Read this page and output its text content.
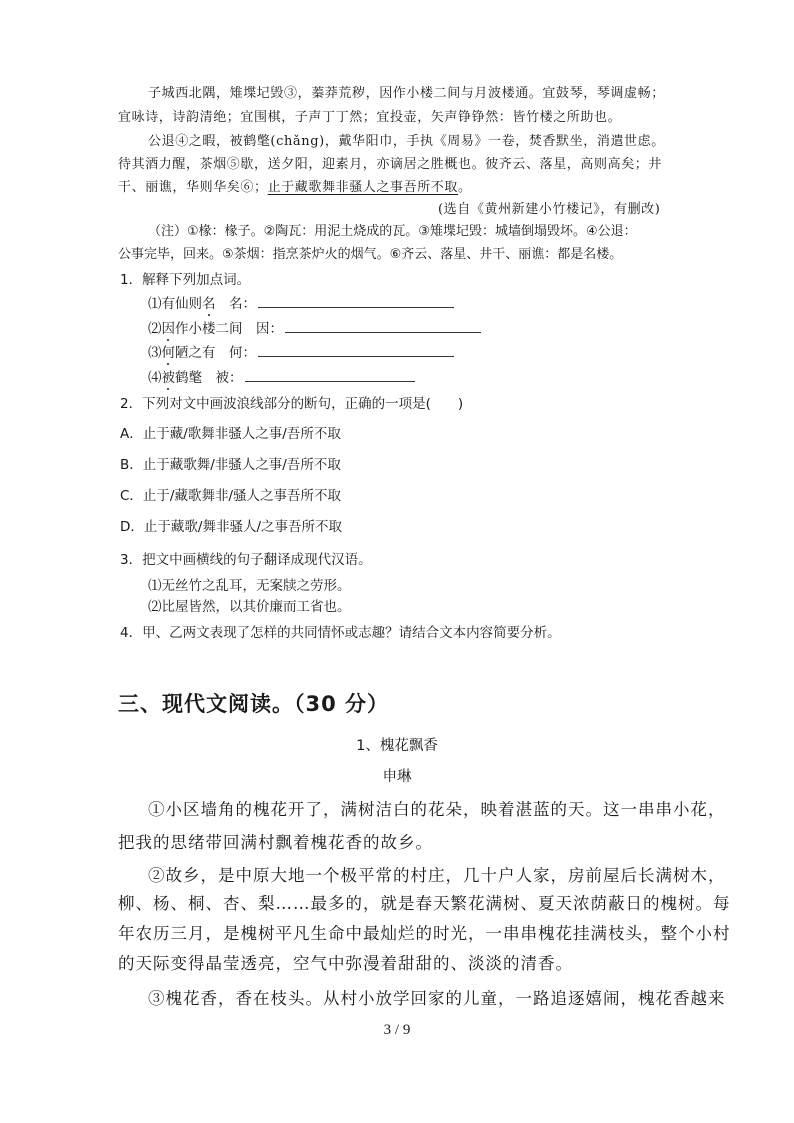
子城西北隅，雉堞圮毁③，蓁莽荒秽，因作小楼二间与月波楼通。宜鼓琴，琴调虚畅；
宜咏诗，诗韵清绝；宜围棋，子声丁丁然；宜投壶，矢声铮铮然：皆竹楼之所助也。
公退④之暇，被鹤氅(chǎng)，戴华阳巾，手执《周易》一卷，焚香默坐，消遣世虑。
待其酒力醒，茶烟⑤歇，送夕阳，迎素月，亦谪居之胜概也。彼齐云、落星，高则高矣；井
干、丽谯，华则华矣⑥；止于藏歌舞非骚人之事吾所不取。
(选自《黄州新建小竹楼记》，有删改)
（注）①椽：椽子。②陶瓦：用泥土烧成的瓦。③雉堞圮毁：城墙倒塌毁坏。④公退：
公事完毕，回来。⑤茶烟：指烹茶炉火的烟气。⑥齐云、落星、井干、丽谯：都是名楼。
1．解释下列加点词。
⑴有仙则名　名：
⑵因作小楼二间　因：
⑶何陋之有　何：
⑷被鹤氅　被：
2．下列对文中画波浪线部分的断句，正确的一项是(　　)
A．止于藏/歌舞非骚人之事/吾所不取
B．止于藏歌舞/非骚人之事/吾所不取
C．止于/藏歌舞非/骚人之事吾所不取
D．止于藏歌/舞非骚人/之事吾所不取
3．把文中画横线的句子翻译成现代汉语。
⑴无丝竹之乱耳，无案牍之劳形。
⑵比屋皆然，以其价廉而工省也。
4．甲、乙两文表现了怎样的共同情怀或志趣？请结合文本内容简要分析。
三、现代文阅读。（30 分）
1、槐花飘香
申琳
①小区墙角的槐花开了，满树洁白的花朵，映着湛蓝的天。这一串串小花，
把我的思绪带回满村飘着槐花香的故乡。
②故乡，是中原大地一个极平常的村庄，几十户人家，房前屋后长满树木，
柳、杨、桐、杏、梨……最多的，就是春天繁花满树、夏天浓荫蔽日的槐树。每
年农历三月，是槐树平凡生命中最灿烂的时光，一串串槐花挂满枝头，整个小村
的天际变得晶莹透亮，空气中弥漫着甜甜的、淡淡的清香。
③槐花香，香在枝头。从村小放学回家的儿童，一路追逐嬉闹，槐花香越来
3 / 9
